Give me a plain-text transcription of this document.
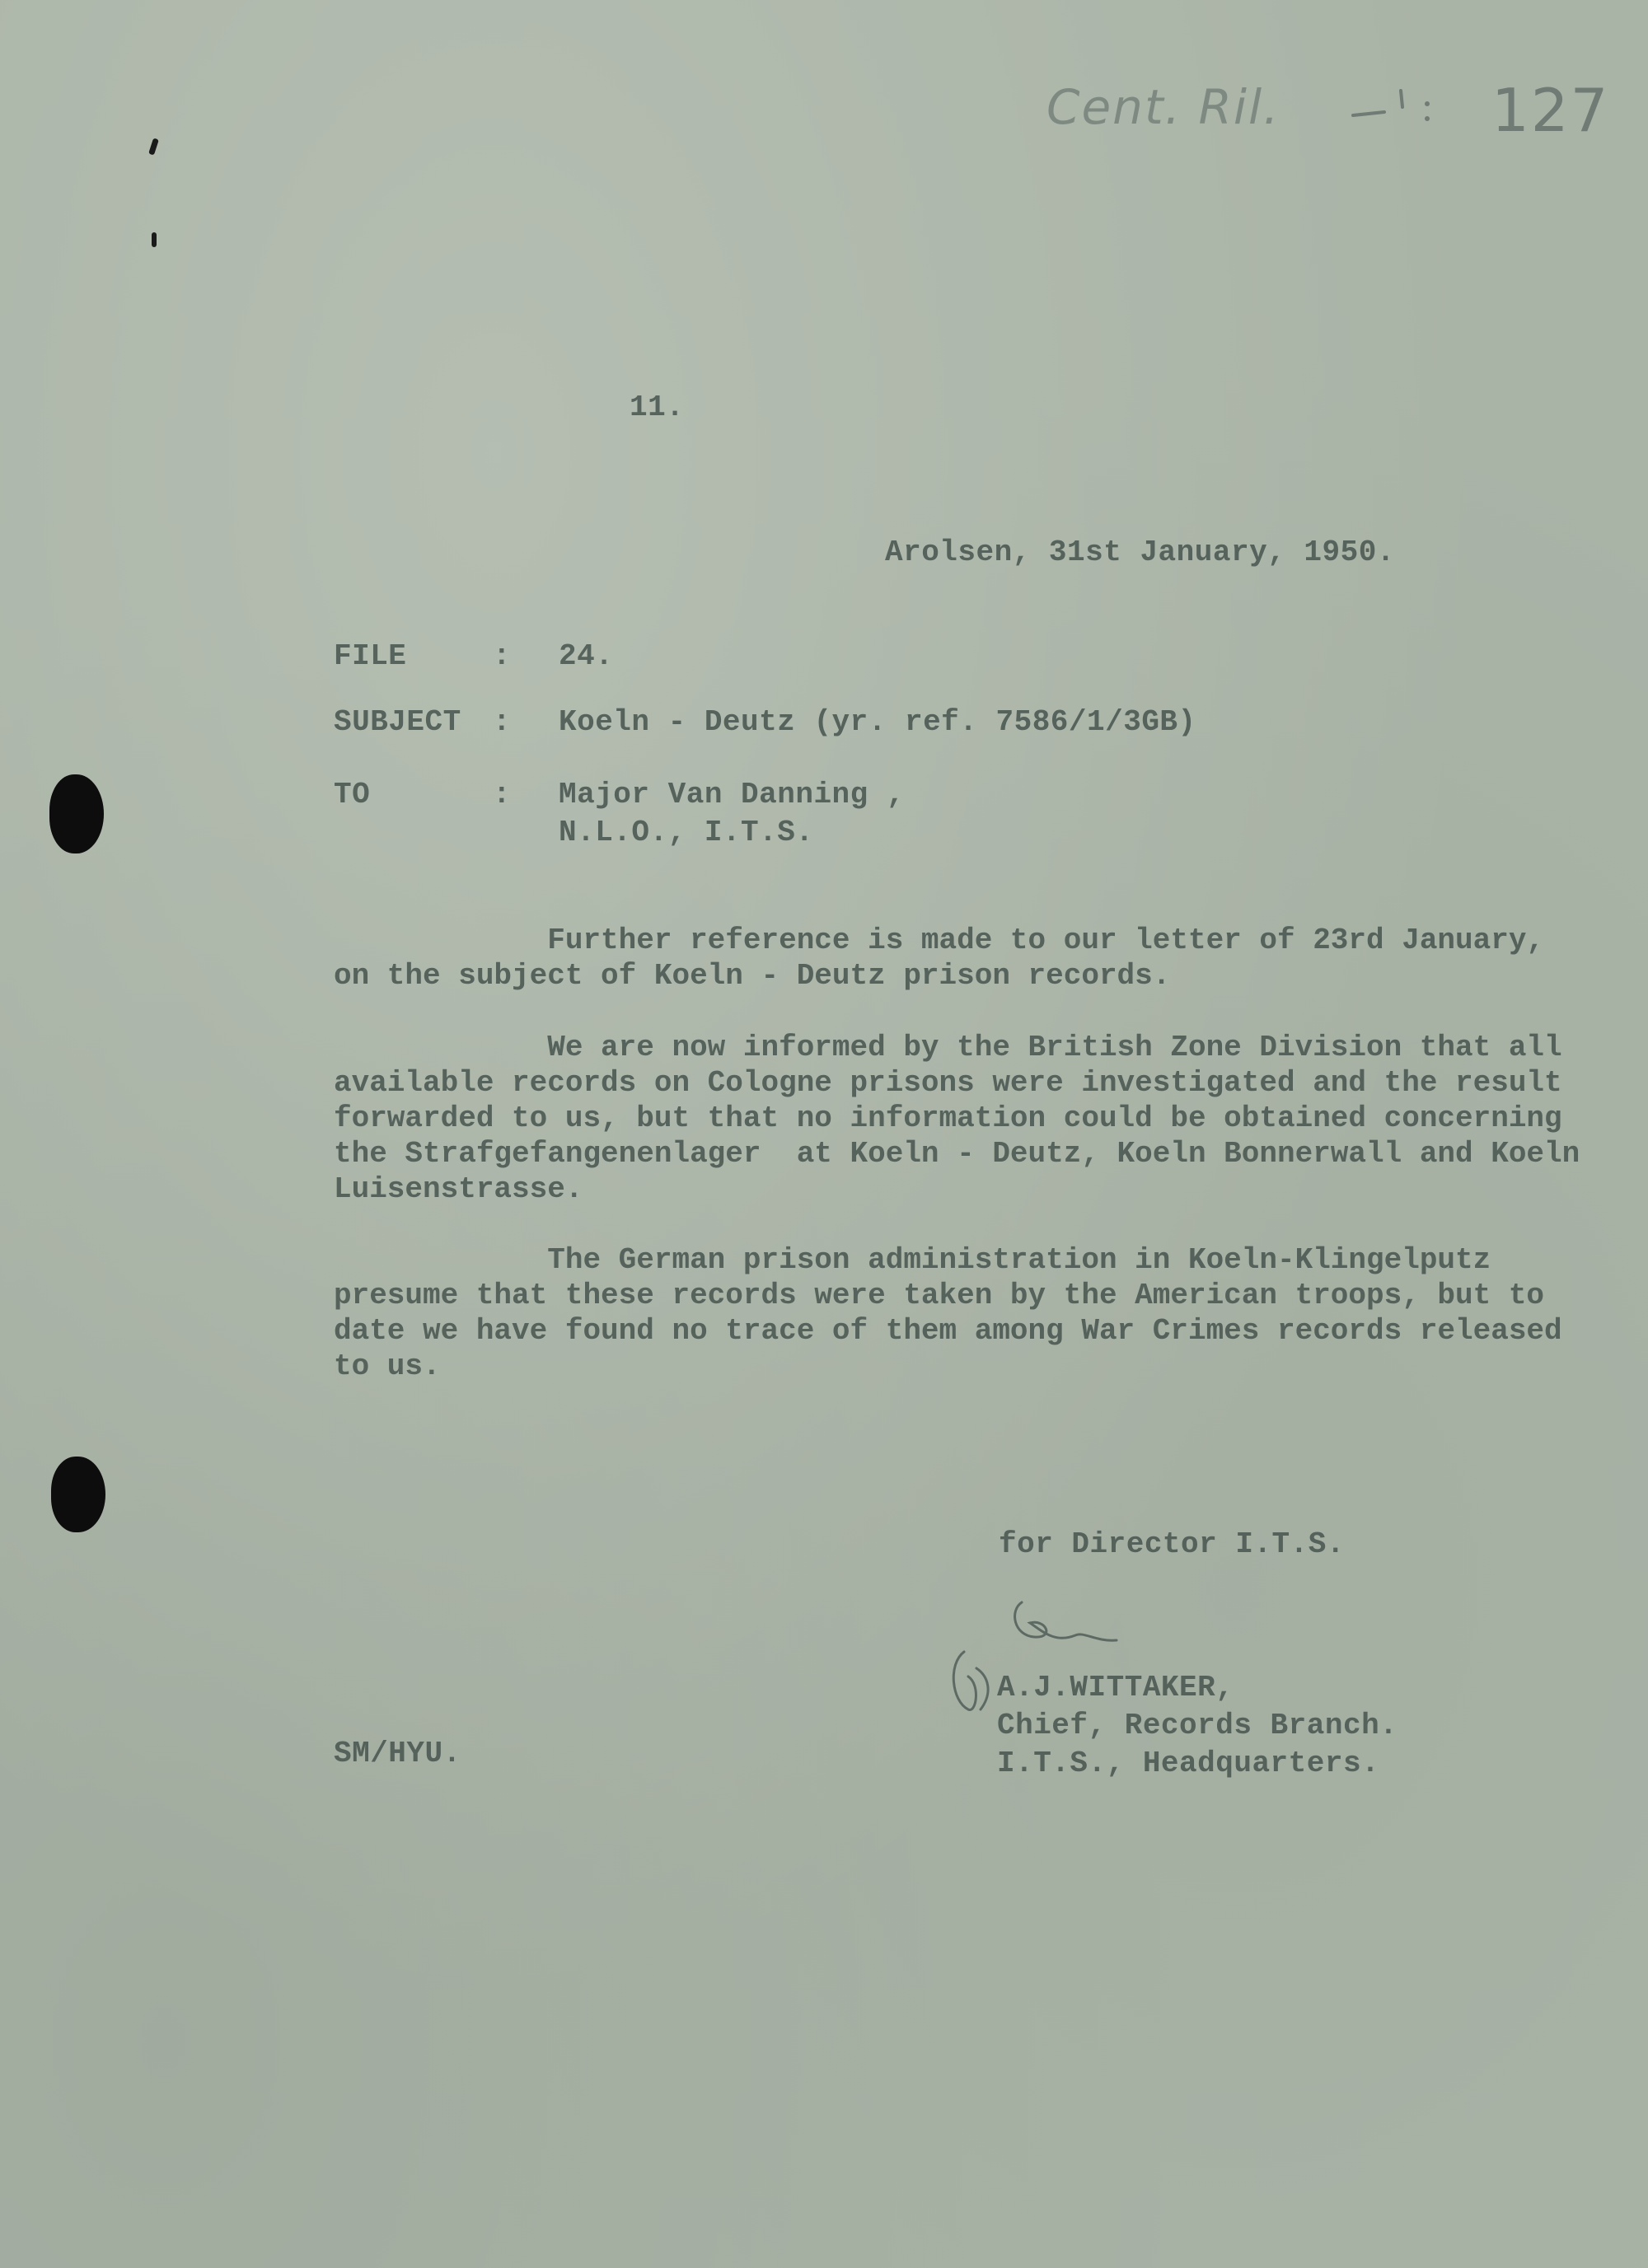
Cent. Ril.	127
11.
Arolsen, 31st January, 1950.
FILE	: 24.
SUBJECT : Koeln - Deutz (yr. ref. 7586/1/3GB)
TO	: Major Van Danning ,
N.L.O., I.T.S.
Further reference is made to our letter of 23rd January,
on the subject of Koeln - Deutz prison records.
We are now informed by the British Zone Division that all
available records on Cologne prisons were investigated and the result
forwarded to us, but that no information could be obtained concerning
the Strafgefangenenlager  at Koeln - Deutz, Koeln Bonnerwall and Koeln
Luisenstrasse.
The German prison administration in Koeln-Klingelputz
presume that these records were taken by the American troops, but to
date we have found no trace of them among War Crimes records released
to us.
for Director I.T.S.
A.J.WITTAKER,
Chief, Records Branch.
I.T.S., Headquarters.
SM/HYU.
